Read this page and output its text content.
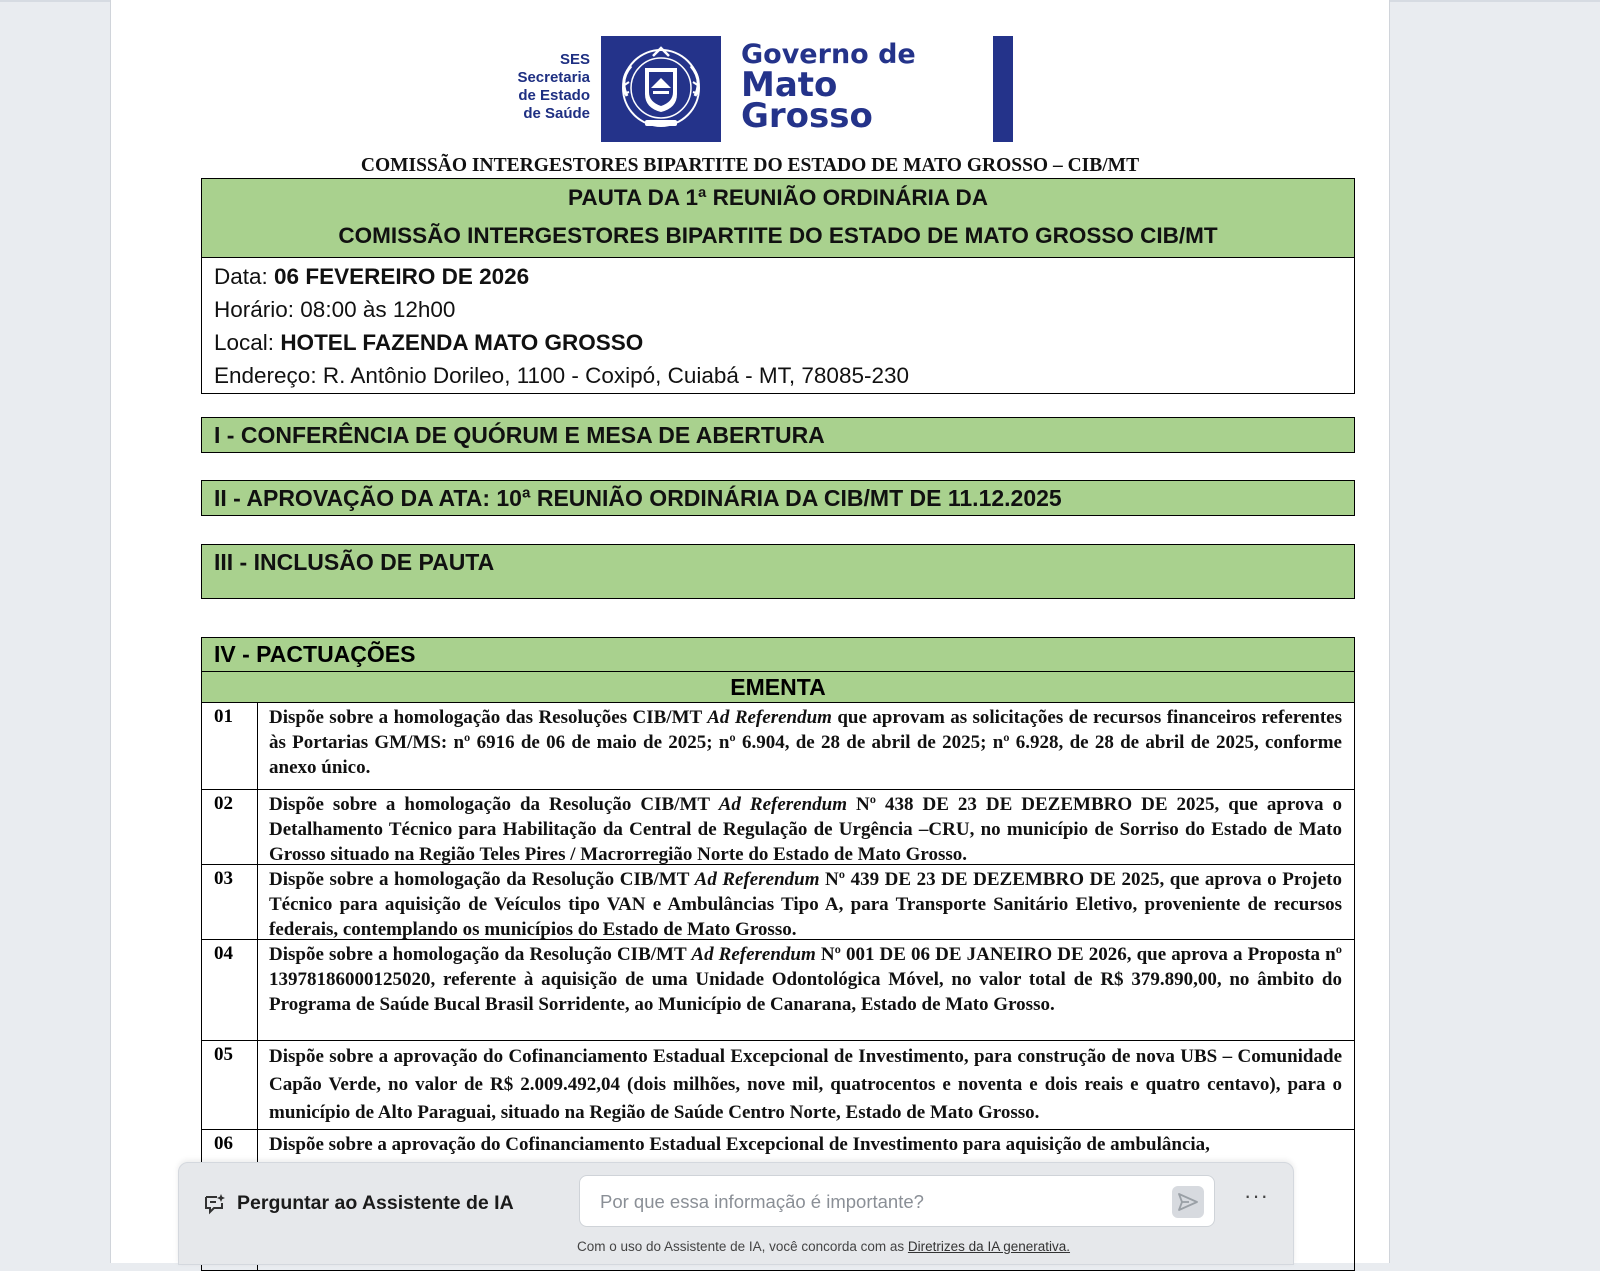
SES
Secretaria
de Estado
de Saúde
Governo de
Mato
Grosso
COMISSÃO INTERGESTORES BIPARTITE DO ESTADO DE MATO GROSSO – CIB/MT
PAUTA DA 1ª REUNIÃO ORDINÁRIA DA
COMISSÃO INTERGESTORES BIPARTITE DO ESTADO DE MATO GROSSO CIB/MT
Data: 06 FEVEREIRO DE 2026
Horário: 08:00 às 12h00
Local: HOTEL FAZENDA MATO GROSSO
Endereço: R. Antônio Dorileo, 1100 - Coxipó, Cuiabá - MT, 78085-230
I - CONFERÊNCIA DE QUÓRUM E MESA DE ABERTURA
II - APROVAÇÃO DA ATA: 10ª REUNIÃO ORDINÁRIA DA CIB/MT DE 11.12.2025
III - INCLUSÃO DE PAUTA
IV - PACTUAÇÕES
EMENTA
01	Dispõe sobre a homologação das Resoluções CIB/MT Ad Referendum que aprovam as solicitações de recursos financeiros referentes às Portarias GM/MS: nº 6916 de 06 de maio de 2025; nº 6.904, de 28 de abril de 2025; nº 6.928, de 28 de abril de 2025, conforme anexo único.
02	Dispõe sobre a homologação da Resolução CIB/MT Ad Referendum Nº 438 DE 23 DE DEZEMBRO DE 2025, que aprova o Detalhamento Técnico para Habilitação da Central de Regulação de Urgência –CRU, no município de Sorriso do Estado de Mato Grosso situado na Região Teles Pires / Macrorregião Norte do Estado de Mato Grosso.
03	Dispõe sobre a homologação da Resolução CIB/MT Ad Referendum Nº 439 DE 23 DE DEZEMBRO DE 2025, que aprova o Projeto Técnico para aquisição de Veículos tipo VAN e Ambulâncias Tipo A, para Transporte Sanitário Eletivo, proveniente de recursos federais, contemplando os municípios do Estado de Mato Grosso.
04	Dispõe sobre a homologação da Resolução CIB/MT Ad Referendum Nº 001 DE 06 DE JANEIRO DE 2026, que aprova a Proposta nº 13978186000125020, referente à aquisição de uma Unidade Odontológica Móvel, no valor total de R$ 379.890,00, no âmbito do Programa de Saúde Bucal Brasil Sorridente, ao Município de Canarana, Estado de Mato Grosso.
05	Dispõe sobre a aprovação do Cofinanciamento Estadual Excepcional de Investimento, para construção de nova UBS – Comunidade Capão Verde, no valor de R$ 2.009.492,04 (dois milhões, nove mil, quatrocentos e noventa e dois reais e quatro centavo), para o município de Alto Paraguai, situado na Região de Saúde Centro Norte, Estado de Mato Grosso.
06	Dispõe sobre a aprovação do Cofinanciamento Estadual Excepcional de Investimento para aquisição de ambulância,
Perguntar ao Assistente de IA
Por que essa informação é importante?	···
Com o uso do Assistente de IA, você concorda com as Diretrizes da IA generativa.
